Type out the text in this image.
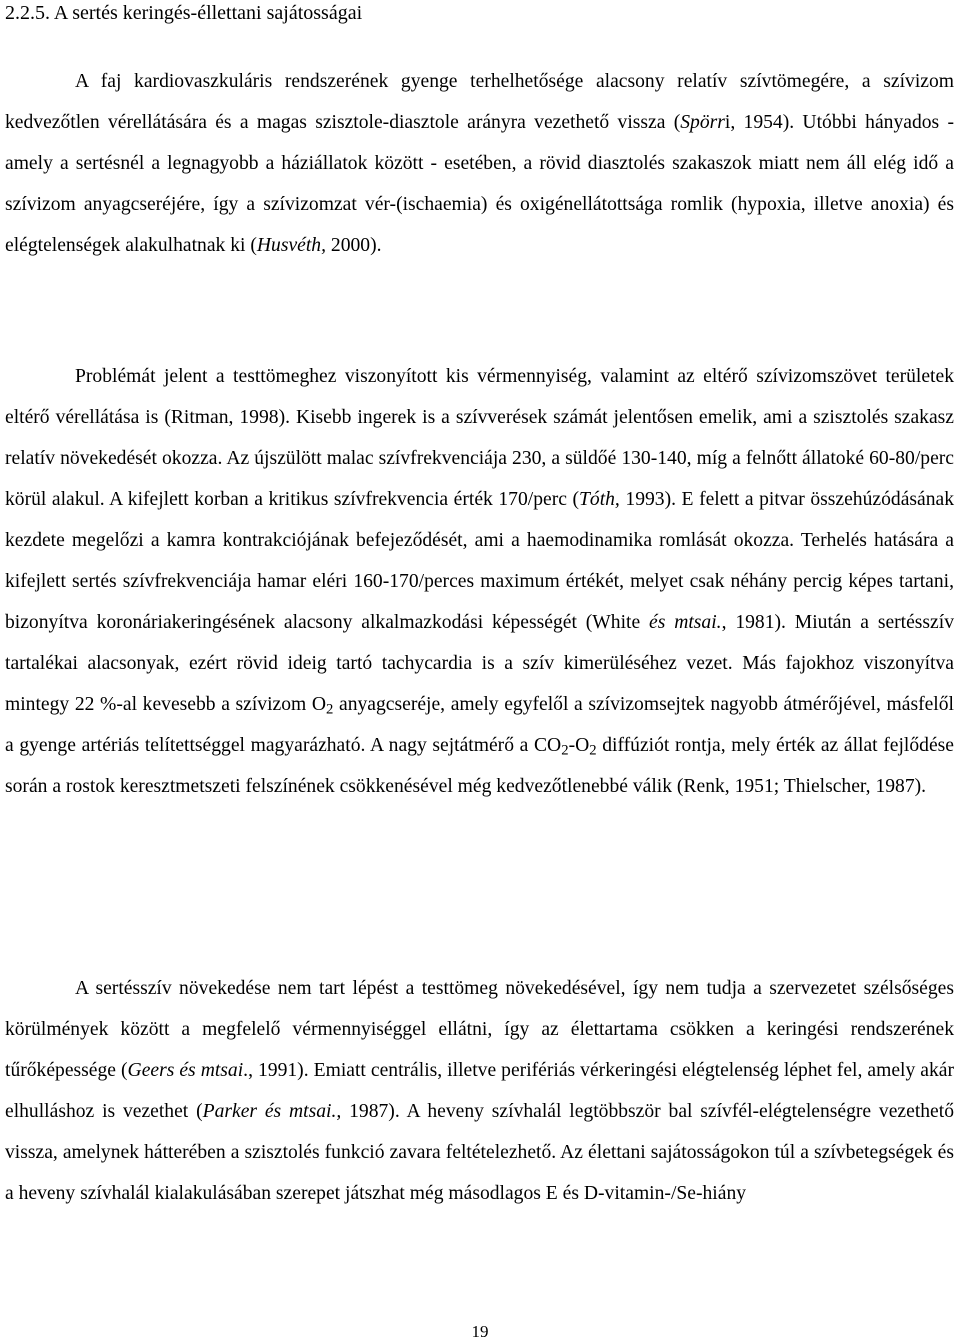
2.2.5. A sertés keringés-éllettani sajátosságai

A faj kardiovaszkuláris rendszerének gyenge terhelhetősége alacsony relatív szívtömegére, a szívizom kedvezőtlen vérellátására és a magas szisztole-diasztole arányra vezethető vissza (Spörri, 1954). Utóbbi hányados - amely a sertésnél a legnagyobb a háziállatok között - esetében, a rövid diasztolés szakaszok miatt nem áll elég idő a szívizom anyagcseréjére, így a szívizomzat vér-(ischaemia) és oxigénellátottsága romlik (hypoxia, illetve anoxia) és elégtelenségek alakulhatnak ki (Husvéth, 2000).

Problémát jelent a testtömeghez viszonyított kis vérmennyiség, valamint az eltérő szívizomszövet területek eltérő vérellátása is (Ritman, 1998). Kisebb ingerek is a szívverések számát jelentősen emelik, ami a szisztolés szakasz relatív növekedését okozza. Az újszülött malac szívfrekvenciája 230, a süldőé 130-140, míg a felnőtt állatoké 60-80/perc körül alakul. A kifejlett korban a kritikus szívfrekvencia érték 170/perc (Tóth, 1993). E felett a pitvar összehúzódásának kezdete megelőzi a kamra kontrakciójának befejeződését, ami a haemodinamika romlását okozza. Terhelés hatására a kifejlett sertés szívfrekvenciája hamar eléri 160-170/perces maximum értékét, melyet csak néhány percig képes tartani, bizonyítva koronáriakeringésének alacsony alkalmazkodási képességét (White és mtsai., 1981). Miután a sertésszív tartalékai alacsonyak, ezért rövid ideig tartó tachycardia is a szív kimerüléséhez vezet. Más fajokhoz viszonyítva mintegy 22 %-al kevesebb a szívizom $O_2$ anyagcseréje, amely egyfelől a szívizomsejtek nagyobb átmérőjével, másfelől a gyenge artériás telítettséggel magyarázható. A nagy sejtátmérő a $CO_2-O_2$ diffúziót rontja, mely érték az állat fejlődése során a rostok keresztmetszeti felszínének csökkenésével még kedvezőtlenebbé válik (Renk, 1951; Thielscher, 1987).

A sertésszív növekedése nem tart lépést a testtömeg növekedésével, így nem tudja a szervezetet szélsőséges körülmények között a megfelelő vérmennyiséggel ellátni, így az élettartama csökken a keringési rendszerének tűrőképessége (Geers és mtsai., 1991). Emiatt centrális, illetve perifériás vérkeringési elégtelenség léphet fel, amely akár elhulláshoz is vezethet (Parker és mtsai., 1987). A heveny szívhalál legtöbbször bal szívfél-elégtelenségre vezethető vissza, amelynek hátterében a szisztolés funkció zavara feltételezhető. Az élettani sajátosságokon túl a szívbetegségek és a heveny szívhalál kialakulásában szerepet játszhat még másodlagos E és D-vitamin-/Se-hiány

19
